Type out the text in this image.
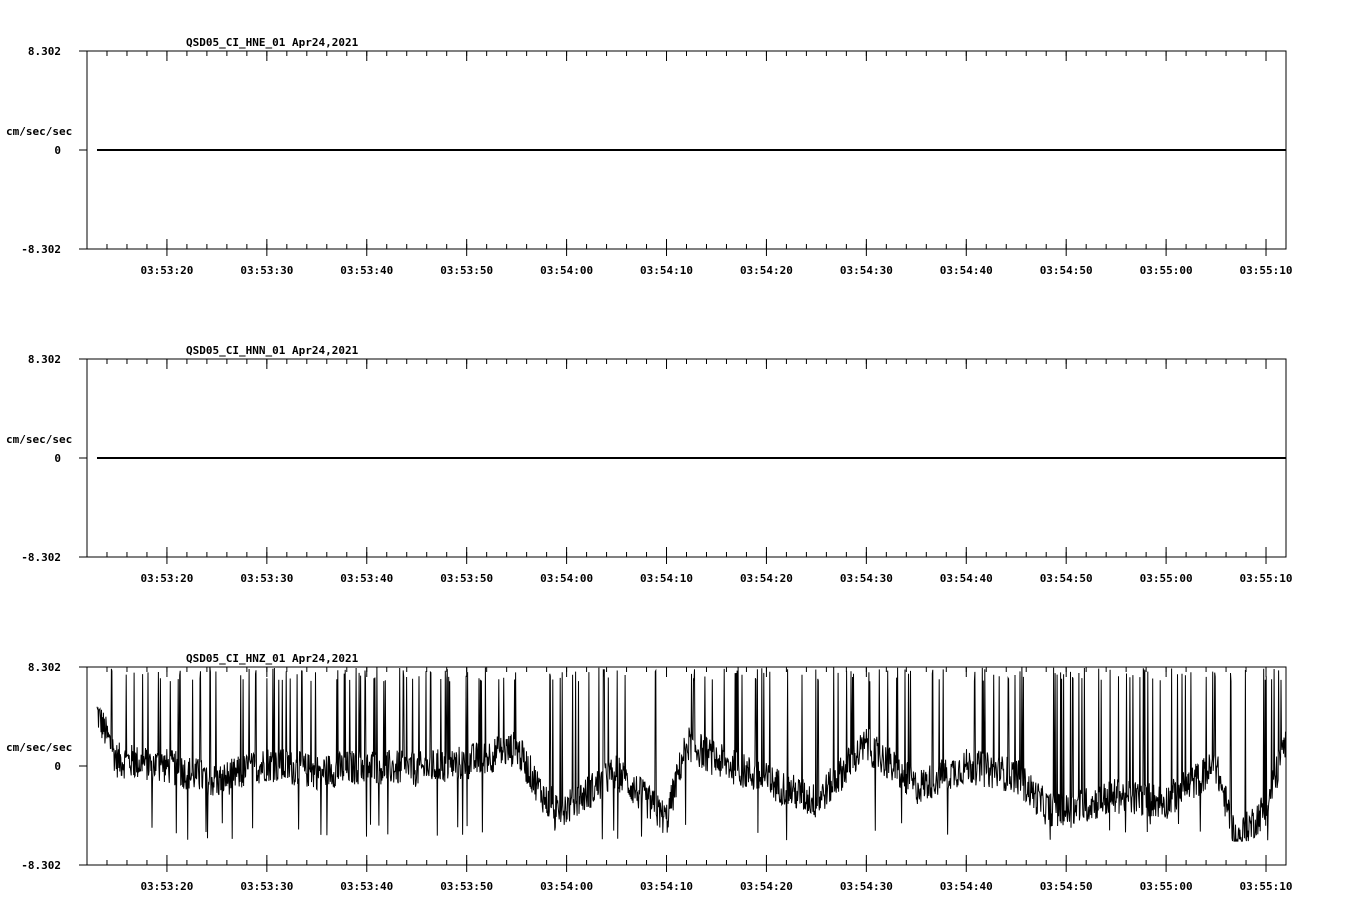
QSD05_CI_HNE_01 Apr24,2021
cm/sec/sec
8.302
0
-8.302
03:53:20	03:53:30	03:53:40	03:53:50	03:54:00	03:54:10	03:54:20	03:54:30	03:54:40	03:54:50	03:55:00	03:55:10
QSD05_CI_HNN_01 Apr24,2021
cm/sec/sec
8.302
0
-8.302
03:53:20	03:53:30	03:53:40	03:53:50	03:54:00	03:54:10	03:54:20	03:54:30	03:54:40	03:54:50	03:55:00	03:55:10
QSD05_CI_HNZ_01 Apr24,2021
cm/sec/sec
8.302
0
-8.302
03:53:20	03:53:30	03:53:40	03:53:50	03:54:00	03:54:10	03:54:20	03:54:30	03:54:40	03:54:50	03:55:00	03:55:10
